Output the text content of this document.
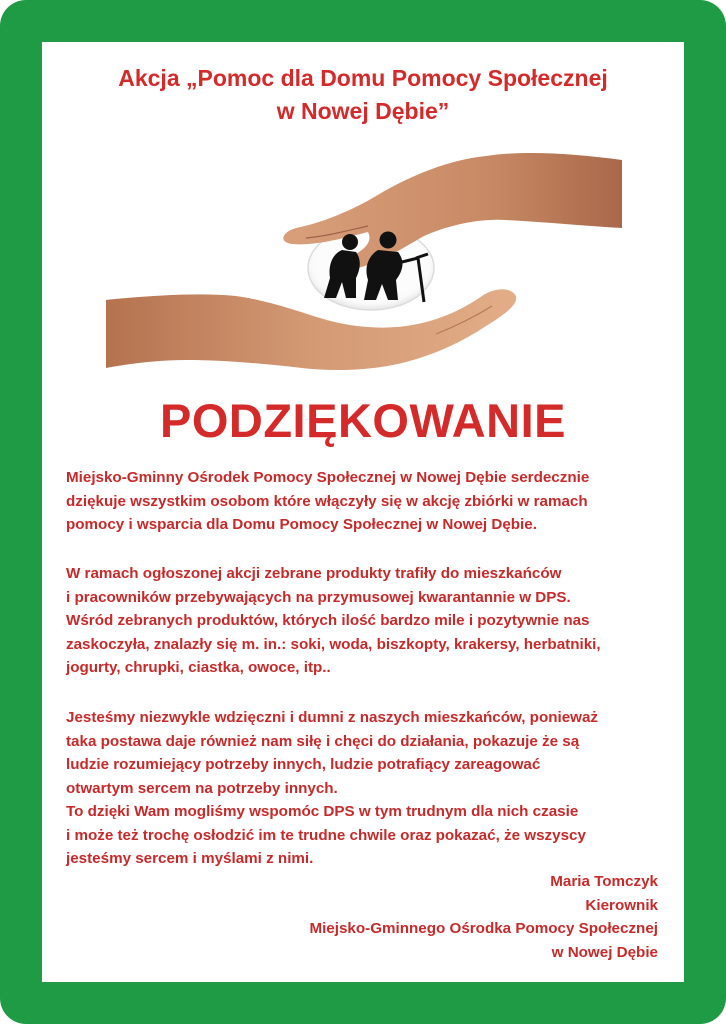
Akcja „Pomoc dla Domu Pomocy Społecznej
w Nowej Dębie”
PODZIĘKOWANIE

Miejsko-Gminny Ośrodek Pomocy Społecznej w Nowej Dębie serdecznie
dziękuje wszystkim osobom które włączyły się w akcję zbiórki w ramach
pomocy i wsparcia dla Domu Pomocy Społecznej w Nowej Dębie.

W ramach ogłoszonej akcji zebrane produkty trafiły do mieszkańców
i pracowników przebywających na przymusowej kwarantannie w DPS.
Wśród zebranych produktów, których ilość bardzo mile i pozytywnie nas
zaskoczyła, znalazły się m. in.: soki, woda, biszkopty, krakersy, herbatniki,
jogurty, chrupki, ciastka, owoce, itp..

Jesteśmy niezwykle wdzięczni i dumni z naszych mieszkańców, ponieważ
taka postawa daje również nam siłę i chęci do działania, pokazuje że są
ludzie rozumiejący potrzeby innych, ludzie potrafiący zareagować
otwartym sercem na potrzeby innych.
To dzięki Wam mogliśmy wspomóc DPS w tym trudnym dla nich czasie
i może też trochę osłodzić im te trudne chwile oraz pokazać, że wszyscy
jesteśmy sercem i myślami z nimi.

Maria Tomczyk
Kierownik
Miejsko-Gminnego Ośrodka Pomocy Społecznej
w Nowej Dębie
